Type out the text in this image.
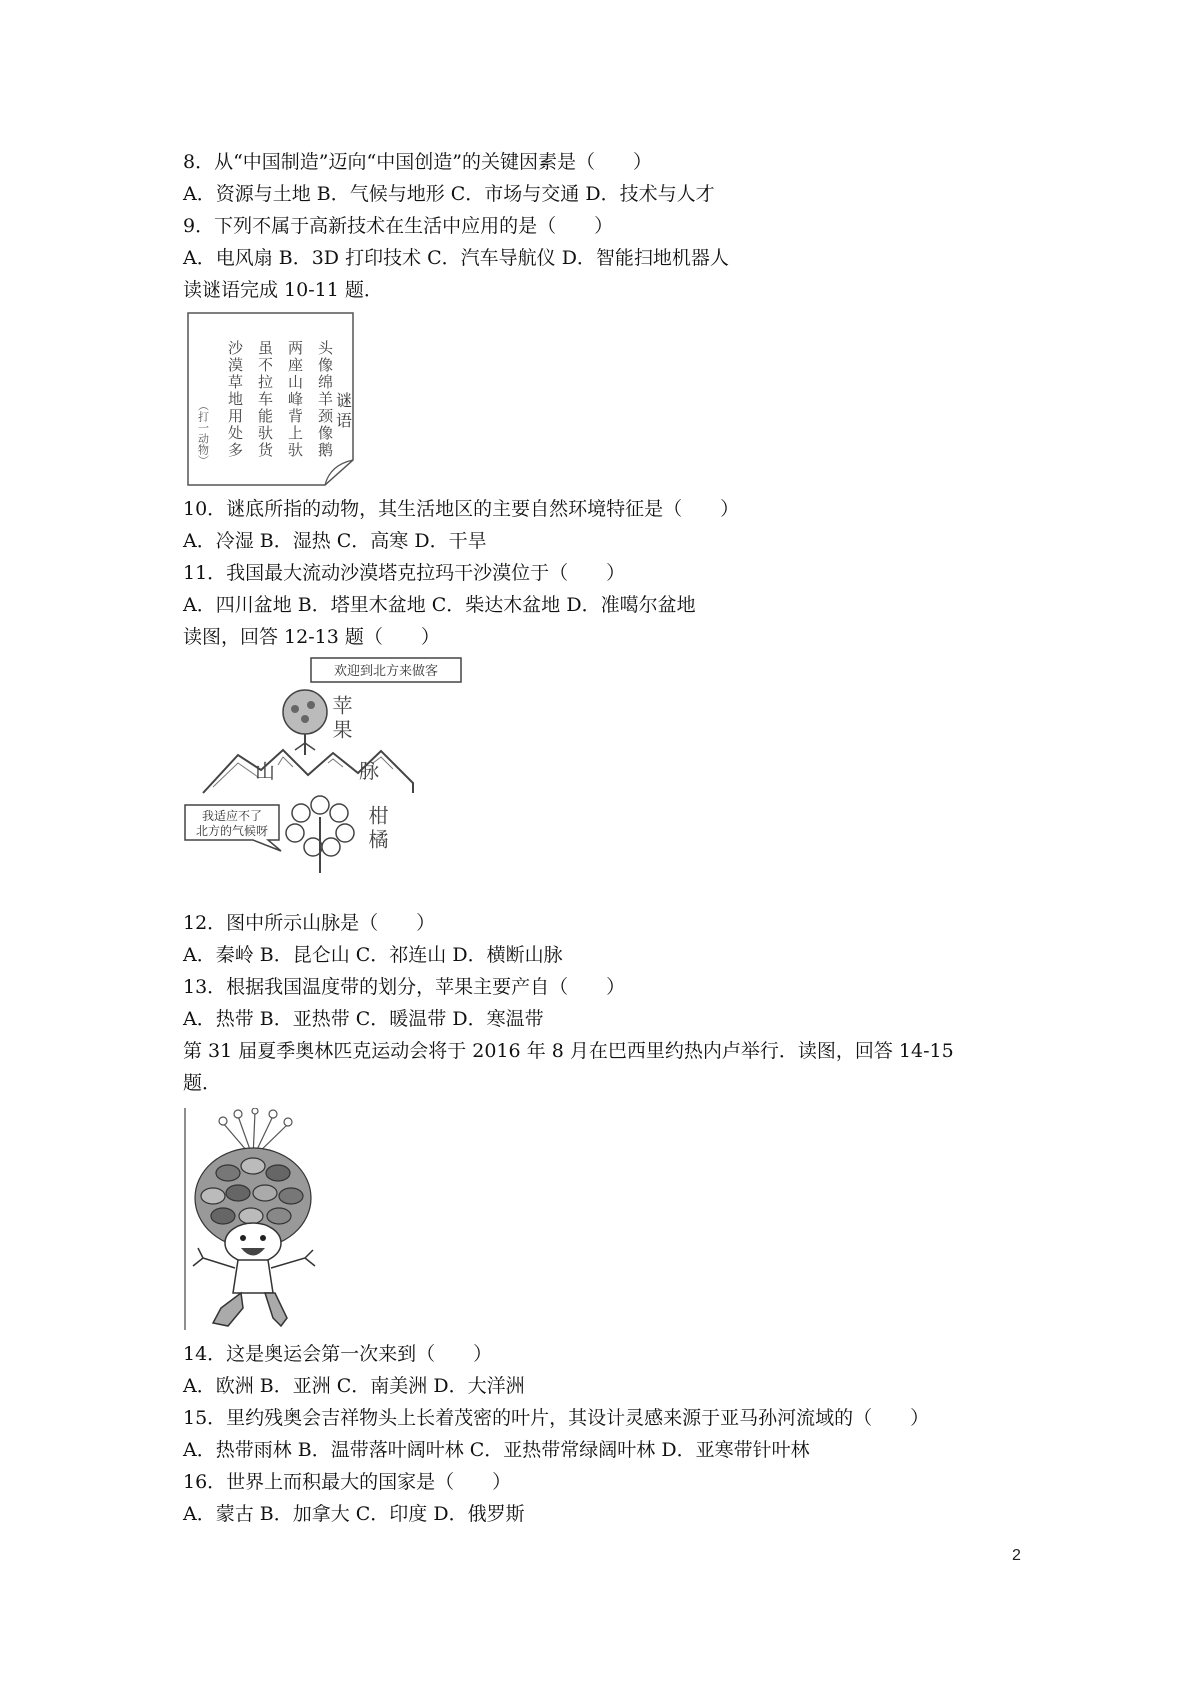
8．从“中国制造”迈向“中国创造”的关键因素是（　　）
A．资源与土地 B．气候与地形 C．市场与交通 D．技术与人才
9．下列不属于高新技术在生活中应用的是（　　）
A．电风扇 B．3D 打印技术 C．汽车导航仪 D．智能扫地机器人
读谜语完成 10-11 题．
头像绵羊颈像鹅 谜语
两座山峰背上驮
虽不拉车能驮货
沙漠草地用处多
（打一动物）
10．谜底所指的动物，其生活地区的主要自然环境特征是（　　）
A．冷湿 B．湿热 C．高寒 D．干旱
11．我国最大流动沙漠塔克拉玛干沙漠位于（　　）
A．四川盆地 B．塔里木盆地 C．柴达木盆地 D．准噶尔盆地
读图，回答 12-13 题（　　）
欢迎到北方来做客
苹果
山	脉
我适应不了
北方的气候呀	柑橘
12．图中所示山脉是（　　）
A．秦岭 B．昆仑山 C．祁连山 D．横断山脉
13．根据我国温度带的划分，苹果主要产自（　　）
A．热带 B．亚热带 C．暖温带 D．寒温带
第 31 届夏季奥林匹克运动会将于 2016 年 8 月在巴西里约热内卢举行．读图，回答 14-15
题．
14．这是奥运会第一次来到（　　）
A．欧洲 B．亚洲 C．南美洲 D．大洋洲
15．里约残奥会吉祥物头上长着茂密的叶片，其设计灵感来源于亚马孙河流域的（　　）
A．热带雨林 B．温带落叶阔叶林 C．亚热带常绿阔叶林 D．亚寒带针叶林
16．世界上而积最大的国家是（　　）
A．蒙古 B．加拿大 C．印度 D．俄罗斯
2
